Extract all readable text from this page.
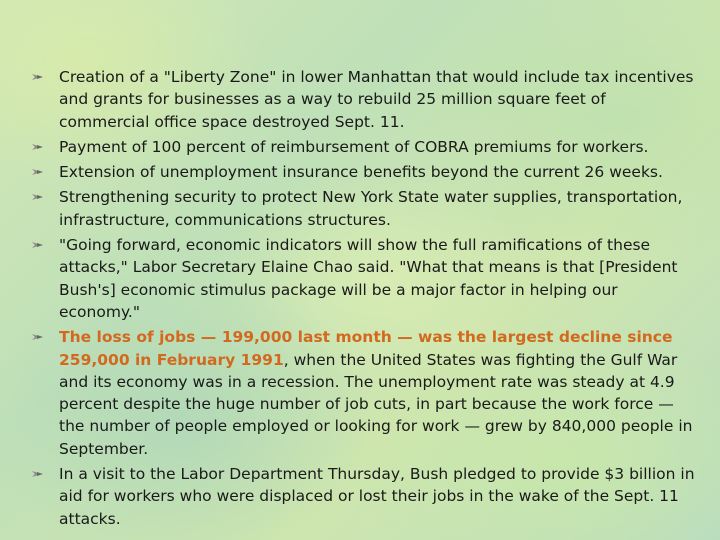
Creation of a "Liberty Zone" in lower Manhattan that would include tax incentives and grants for businesses as a way to rebuild 25 million square feet of commercial office space destroyed Sept. 11.
Payment of 100 percent of reimbursement of COBRA premiums for workers.
Extension of unemployment insurance benefits beyond the current 26 weeks.
Strengthening security to protect New York State water supplies, transportation, infrastructure, communications structures.
"Going forward, economic indicators will show the full ramifications of these attacks," Labor Secretary Elaine Chao said. "What that means is that [President Bush's] economic stimulus package will be a major factor in helping our economy."
The loss of jobs — 199,000 last month — was the largest decline since 259,000 in February 1991, when the United States was fighting the Gulf War and its economy was in a recession. The unemployment rate was steady at 4.9 percent despite the huge number of job cuts, in part because the work force — the number of people employed or looking for work — grew by 840,000 people in September.
In a visit to the Labor Department Thursday, Bush pledged to provide $3 billion in aid for workers who were displaced or lost their jobs in the wake of the Sept. 11 attacks.
